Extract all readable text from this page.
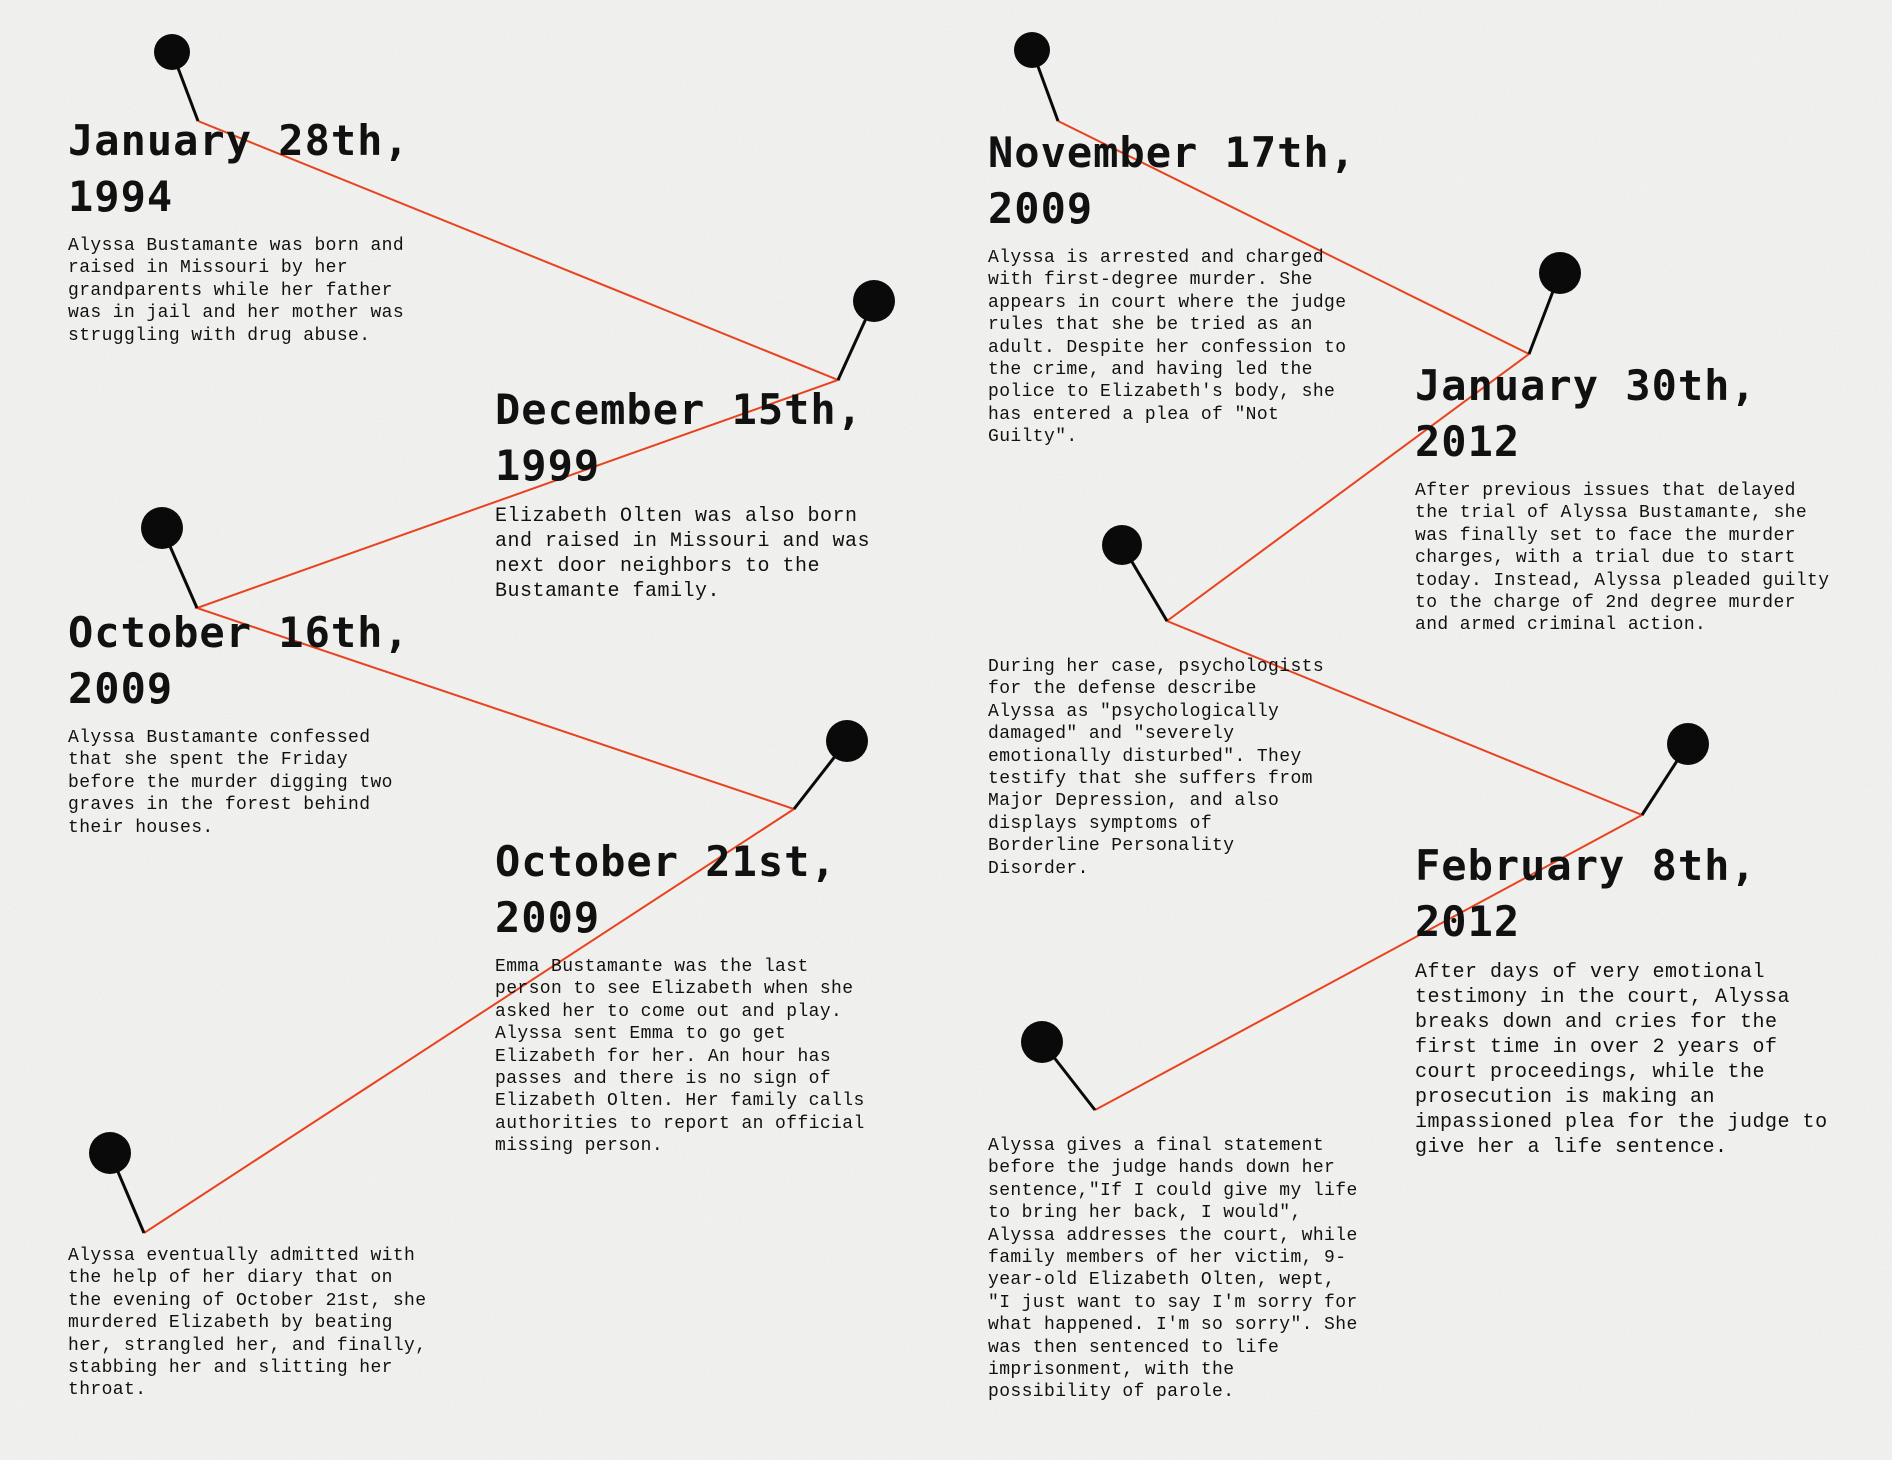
January 28th, 1994
Alyssa Bustamante was born and raised in Missouri by her grandparents while her father was in jail and her mother was struggling with drug abuse.
December 15th, 1999
Elizabeth Olten was also born and raised in Missouri and was next door neighbors to the Bustamante family.
October 16th, 2009
Alyssa Bustamante confessed that she spent the Friday before the murder digging two graves in the forest behind their houses.
October 21st, 2009
Emma Bustamante was the last person to see Elizabeth when she asked her to come out and play. Alyssa sent Emma to go get Elizabeth for her. An hour has passes and there is no sign of Elizabeth Olten. Her family calls authorities to report an official missing person.
Alyssa eventually admitted with the help of her diary that on the evening of October 21st, she murdered Elizabeth by beating her, strangled her, and finally, stabbing her and slitting her throat.
November 17th, 2009
Alyssa is arrested and charged with first-degree murder. She appears in court where the judge rules that she be tried as an adult. Despite her confession to the crime, and having led the police to Elizabeth's body, she has entered a plea of "Not Guilty".
January 30th, 2012
After previous issues that delayed the trial of Alyssa Bustamante, she was finally set to face the murder charges, with a trial due to start today. Instead, Alyssa pleaded guilty to the charge of 2nd degree murder and armed criminal action.
During her case, psychologists for the defense describe Alyssa as "psychologically damaged" and "severely emotionally disturbed". They testify that she suffers from Major Depression, and also displays symptoms of Borderline Personality Disorder.	February 8th, 2012
After days of very emotional testimony in the court, Alyssa breaks down and cries for the first time in over 2 years of court proceedings, while the prosecution is making an impassioned plea for the judge to give her a life sentence.
Alyssa gives a final statement before the judge hands down her sentence,"If I could give my life to bring her back, I would", Alyssa addresses the court, while family members of her victim, 9-year-old Elizabeth Olten, wept, "I just want to say I'm sorry for what happened. I'm so sorry". She was then sentenced to life imprisonment, with the possibility of parole.
